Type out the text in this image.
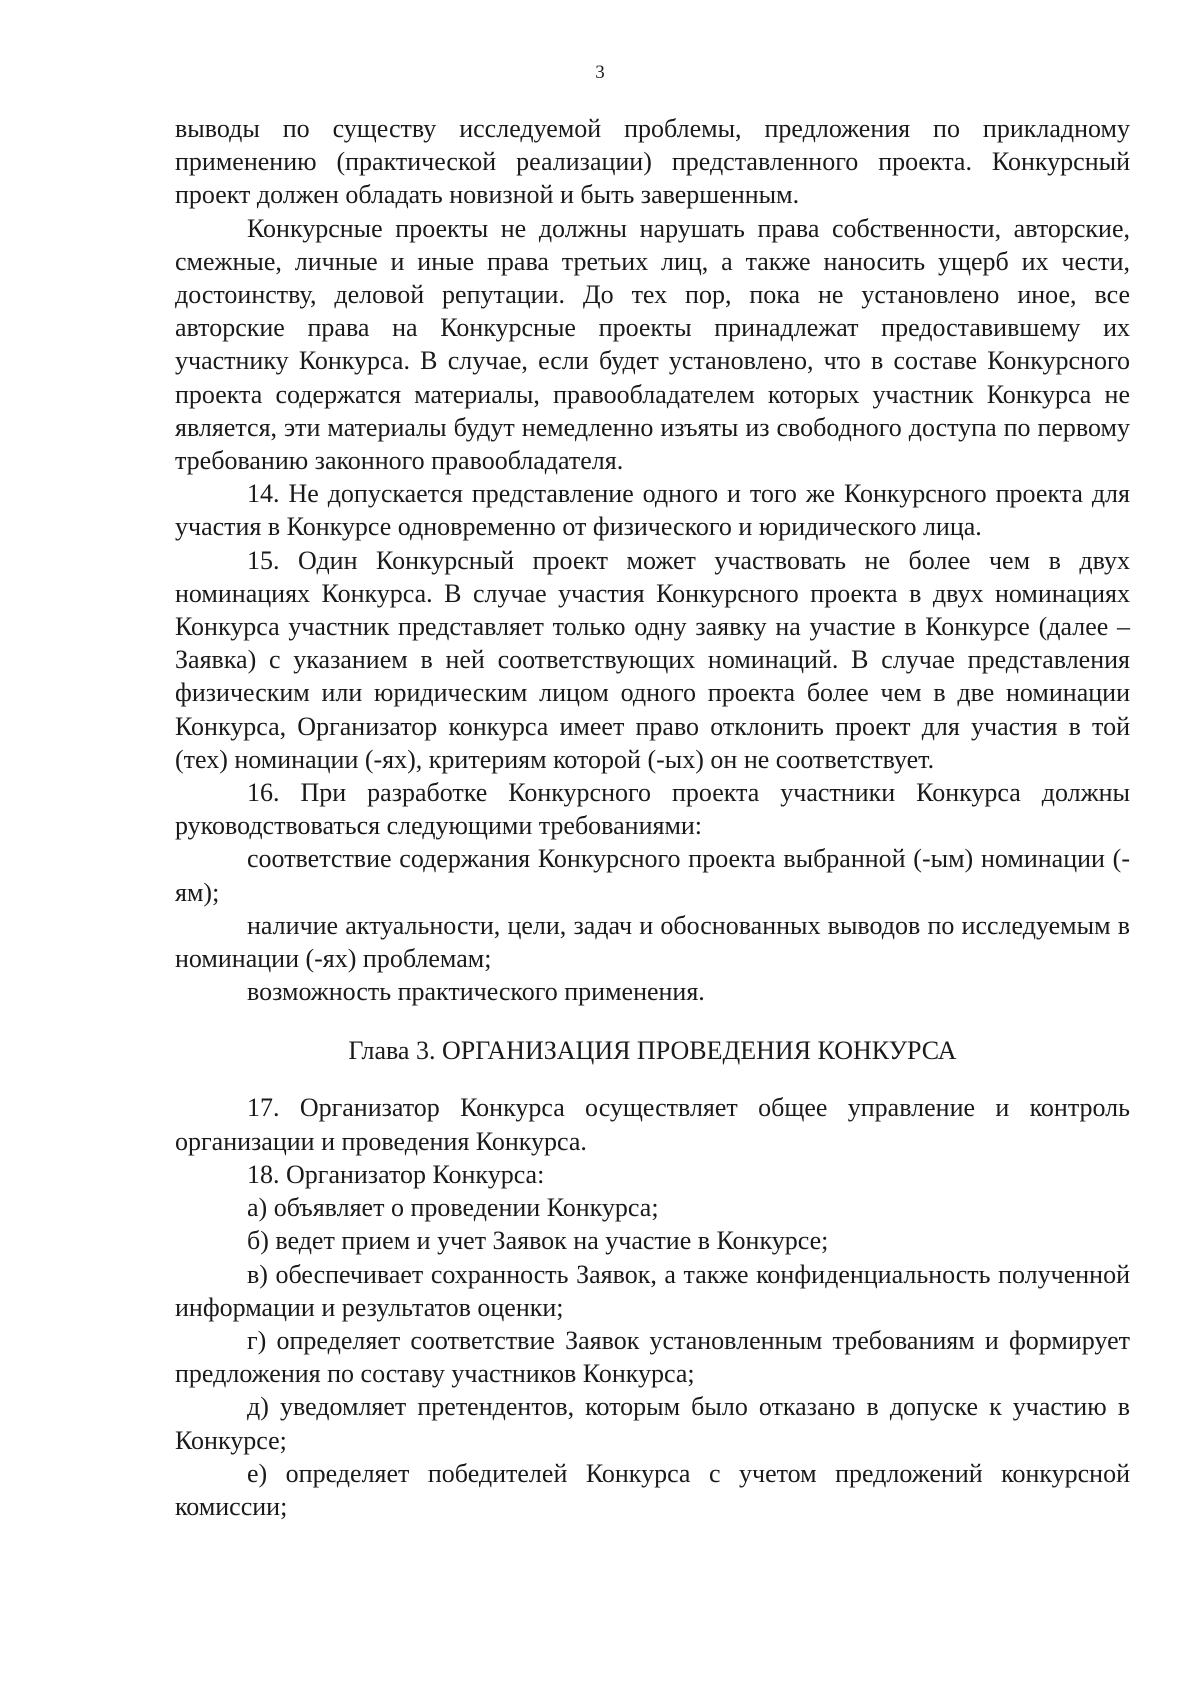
3

выводы по существу исследуемой проблемы, предложения по прикладному применению (практической реализации) представленного проекта. Конкурсный проект должен обладать новизной и быть завершенным.

Конкурсные проекты не должны нарушать права собственности, авторские, смежные, личные и иные права третьих лиц, а также наносить ущерб их чести, достоинству, деловой репутации. До тех пор, пока не установлено иное, все авторские права на Конкурсные проекты принадлежат предоставившему их участнику Конкурса. В случае, если будет установлено, что в составе Конкурсного проекта содержатся материалы, правообладателем которых участник Конкурса не является, эти материалы будут немедленно изъяты из свободного доступа по первому требованию законного правообладателя.

14. Не допускается представление одного и того же Конкурсного проекта для участия в Конкурсе одновременно от физического и юридического лица.

15. Один Конкурсный проект может участвовать не более чем в двух номинациях Конкурса. В случае участия Конкурсного проекта в двух номинациях Конкурса участник представляет только одну заявку на участие в Конкурсе (далее – Заявка) с указанием в ней соответствующих номинаций. В случае представления физическим или юридическим лицом одного проекта более чем в две номинации Конкурса, Организатор конкурса имеет право отклонить проект для участия в той (тех) номинации (-ях), критериям которой (-ых) он не соответствует.

16. При разработке Конкурсного проекта участники Конкурса должны руководствоваться следующими требованиями:

соответствие содержания Конкурсного проекта выбранной (-ым) номинации (-ям);

наличие актуальности, цели, задач и обоснованных выводов по исследуемым в номинации (-ях) проблемам;

возможность практического применения.

Глава 3. ОРГАНИЗАЦИЯ ПРОВЕДЕНИЯ КОНКУРСА

17. Организатор Конкурса осуществляет общее управление и контроль организации и проведения Конкурса.

18. Организатор Конкурса:

а) объявляет о проведении Конкурса;

б) ведет прием и учет Заявок на участие в Конкурсе;

в) обеспечивает сохранность Заявок, а также конфиденциальность полученной информации и результатов оценки;

г) определяет соответствие Заявок установленным требованиям и формирует предложения по составу участников Конкурса;

д) уведомляет претендентов, которым было отказано в допуске к участию в Конкурсе;

е) определяет победителей Конкурса с учетом предложений конкурсной комиссии;
